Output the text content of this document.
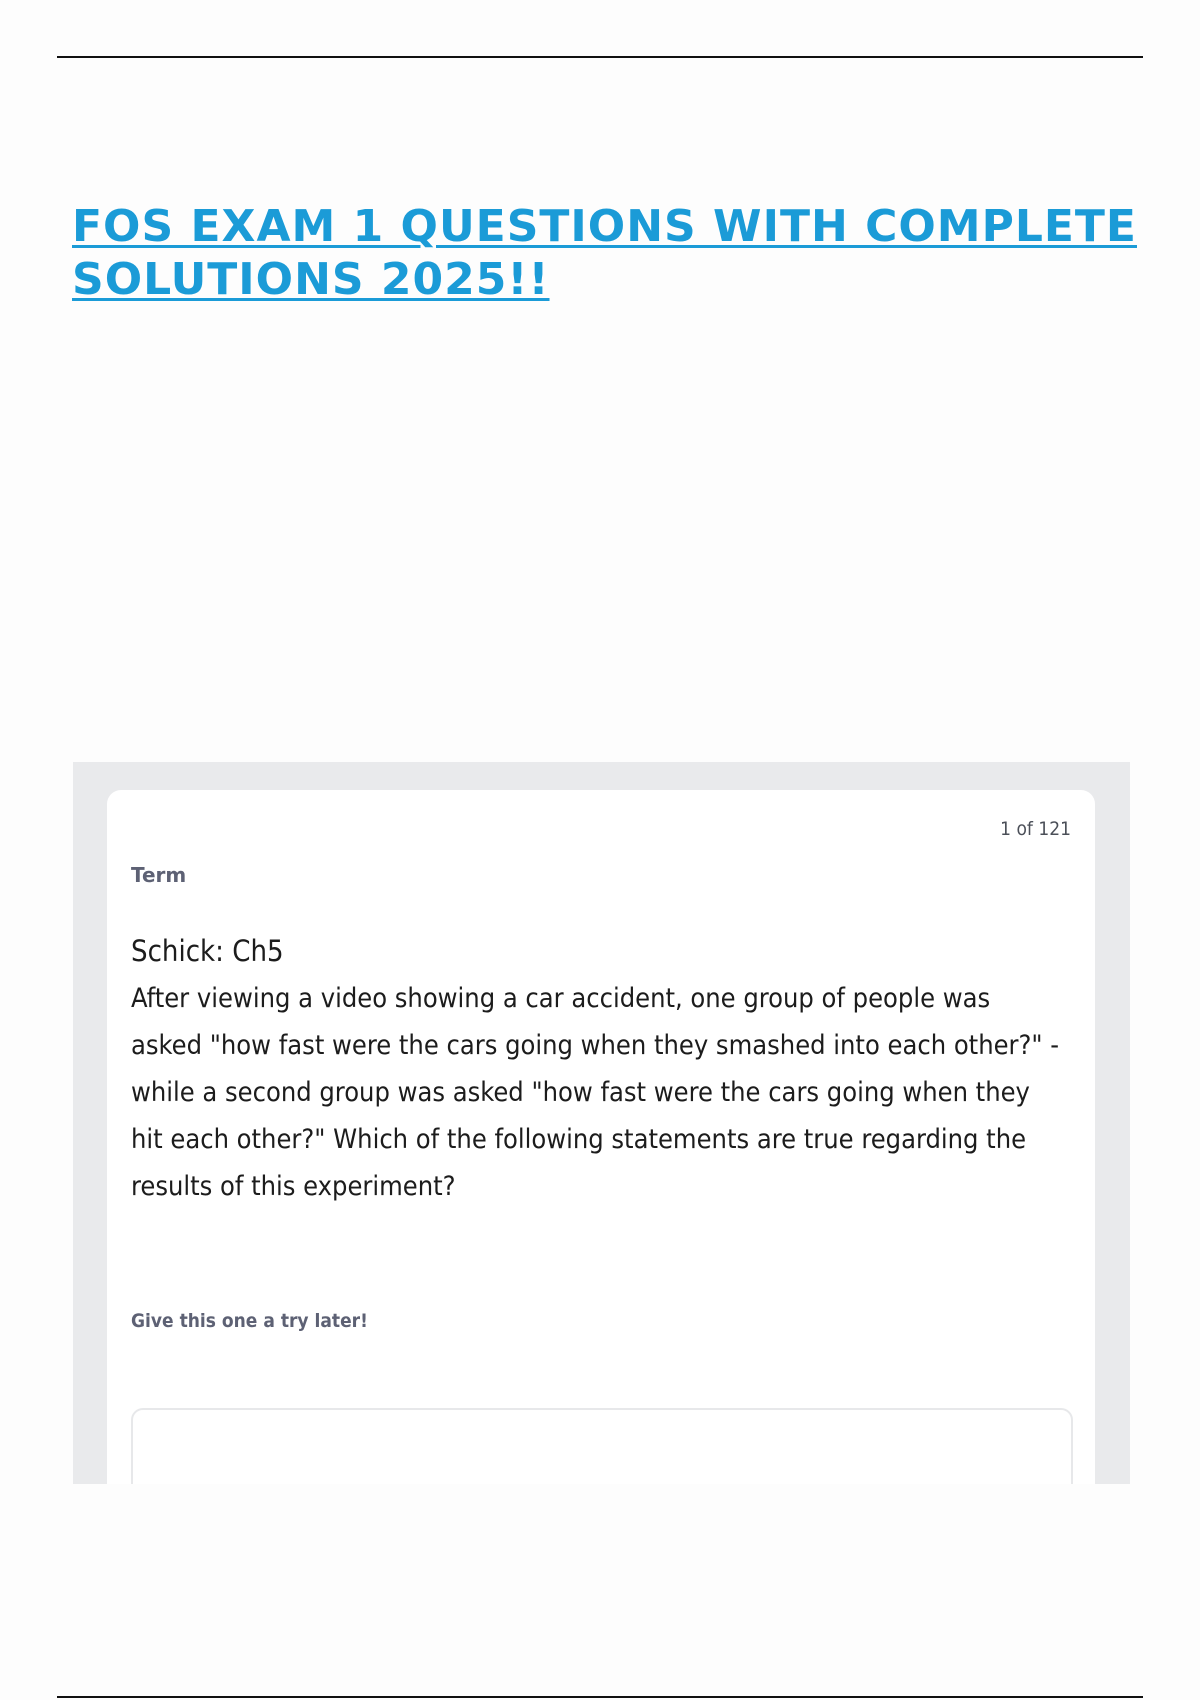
FOS EXAM 1 QUESTIONS WITH COMPLETE SOLUTIONS 2025!!
1 of 121
Term
Schick: Ch5
After viewing a video showing a car accident, one group of people was asked "how fast were the cars going when they smashed into each other?" - while a second group was asked "how fast were the cars going when they hit each other?" Which of the following statements are true regarding the results of this experiment?
Give this one a try later!
